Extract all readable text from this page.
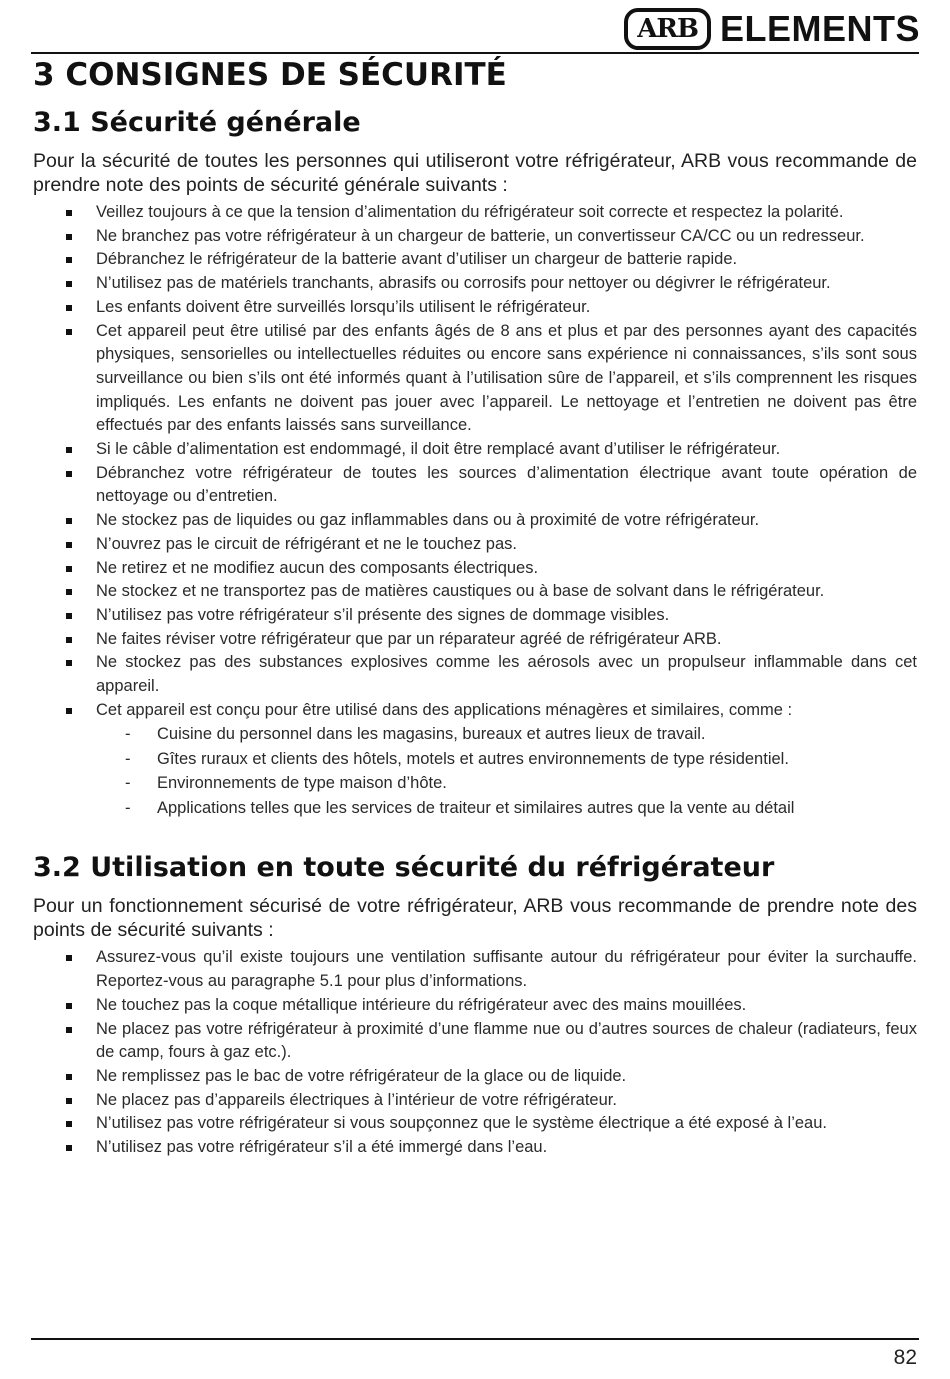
ARB ELEMENTS
3 CONSIGNES DE SÉCURITÉ
3.1 Sécurité générale

Pour la sécurité de toutes les personnes qui utiliseront votre réfrigérateur, ARB vous recommande de prendre note des points de sécurité générale suivants :

Veillez toujours à ce que la tension d’alimentation du réfrigérateur soit correcte et respectez la polarité.
Ne branchez pas votre réfrigérateur à un chargeur de batterie, un convertisseur CA/CC ou un redresseur.
Débranchez le réfrigérateur de la batterie avant d’utiliser un chargeur de batterie rapide.
N’utilisez pas de matériels tranchants, abrasifs ou corrosifs pour nettoyer ou dégivrer le réfrigérateur.
Les enfants doivent être surveillés lorsqu’ils utilisent le réfrigérateur.
Cet appareil peut être utilisé par des enfants âgés de 8 ans et plus et par des personnes ayant des capacités physiques, sensorielles ou intellectuelles réduites ou encore sans expérience ni connaissances, s’ils sont sous surveillance ou bien s’ils ont été informés quant à l’utilisation sûre de l’appareil, et s’ils comprennent les risques impliqués. Les enfants ne doivent pas jouer avec l’appareil. Le nettoyage et l’entretien ne doivent pas être effectués par des enfants laissés sans surveillance.
Si le câble d’alimentation est endommagé, il doit être remplacé avant d’utiliser le réfrigérateur.
Débranchez votre réfrigérateur de toutes les sources d’alimentation électrique avant toute opération de nettoyage ou d’entretien.
Ne stockez pas de liquides ou gaz inflammables dans ou à proximité de votre réfrigérateur.
N’ouvrez pas le circuit de réfrigérant et ne le touchez pas.
Ne retirez et ne modifiez aucun des composants électriques.
Ne stockez et ne transportez pas de matières caustiques ou à base de solvant dans le réfrigérateur.
N’utilisez pas votre réfrigérateur s’il présente des signes de dommage visibles.
Ne faites réviser votre réfrigérateur que par un réparateur agréé de réfrigérateur ARB.
Ne stockez pas des substances explosives comme les aérosols avec un propulseur inflammable dans cet appareil.
Cet appareil est conçu pour être utilisé dans des applications ménagères et similaires, comme :
- Cuisine du personnel dans les magasins, bureaux et autres lieux de travail.
- Gîtes ruraux et clients des hôtels, motels et autres environnements de type résidentiel.
- Environnements de type maison d’hôte.
- Applications telles que les services de traiteur et similaires autres que la vente au détail
3.2 Utilisation en toute sécurité du réfrigérateur

Pour un fonctionnement sécurisé de votre réfrigérateur, ARB vous recommande de prendre note des points de sécurité suivants :

Assurez-vous qu’il existe toujours une ventilation suffisante autour du réfrigérateur pour éviter la surchauffe. Reportez-vous au paragraphe 5.1 pour plus d’informations.
Ne touchez pas la coque métallique intérieure du réfrigérateur avec des mains mouillées.
Ne placez pas votre réfrigérateur à proximité d’une flamme nue ou d’autres sources de chaleur (radiateurs, feux de camp, fours à gaz etc.).
Ne remplissez pas le bac de votre réfrigérateur de la glace ou de liquide.
Ne placez pas d’appareils électriques à l’intérieur de votre réfrigérateur.
N’utilisez pas votre réfrigérateur si vous soupçonnez que le système électrique a été exposé à l’eau.
N’utilisez pas votre réfrigérateur s’il a été immergé dans l’eau.
82
